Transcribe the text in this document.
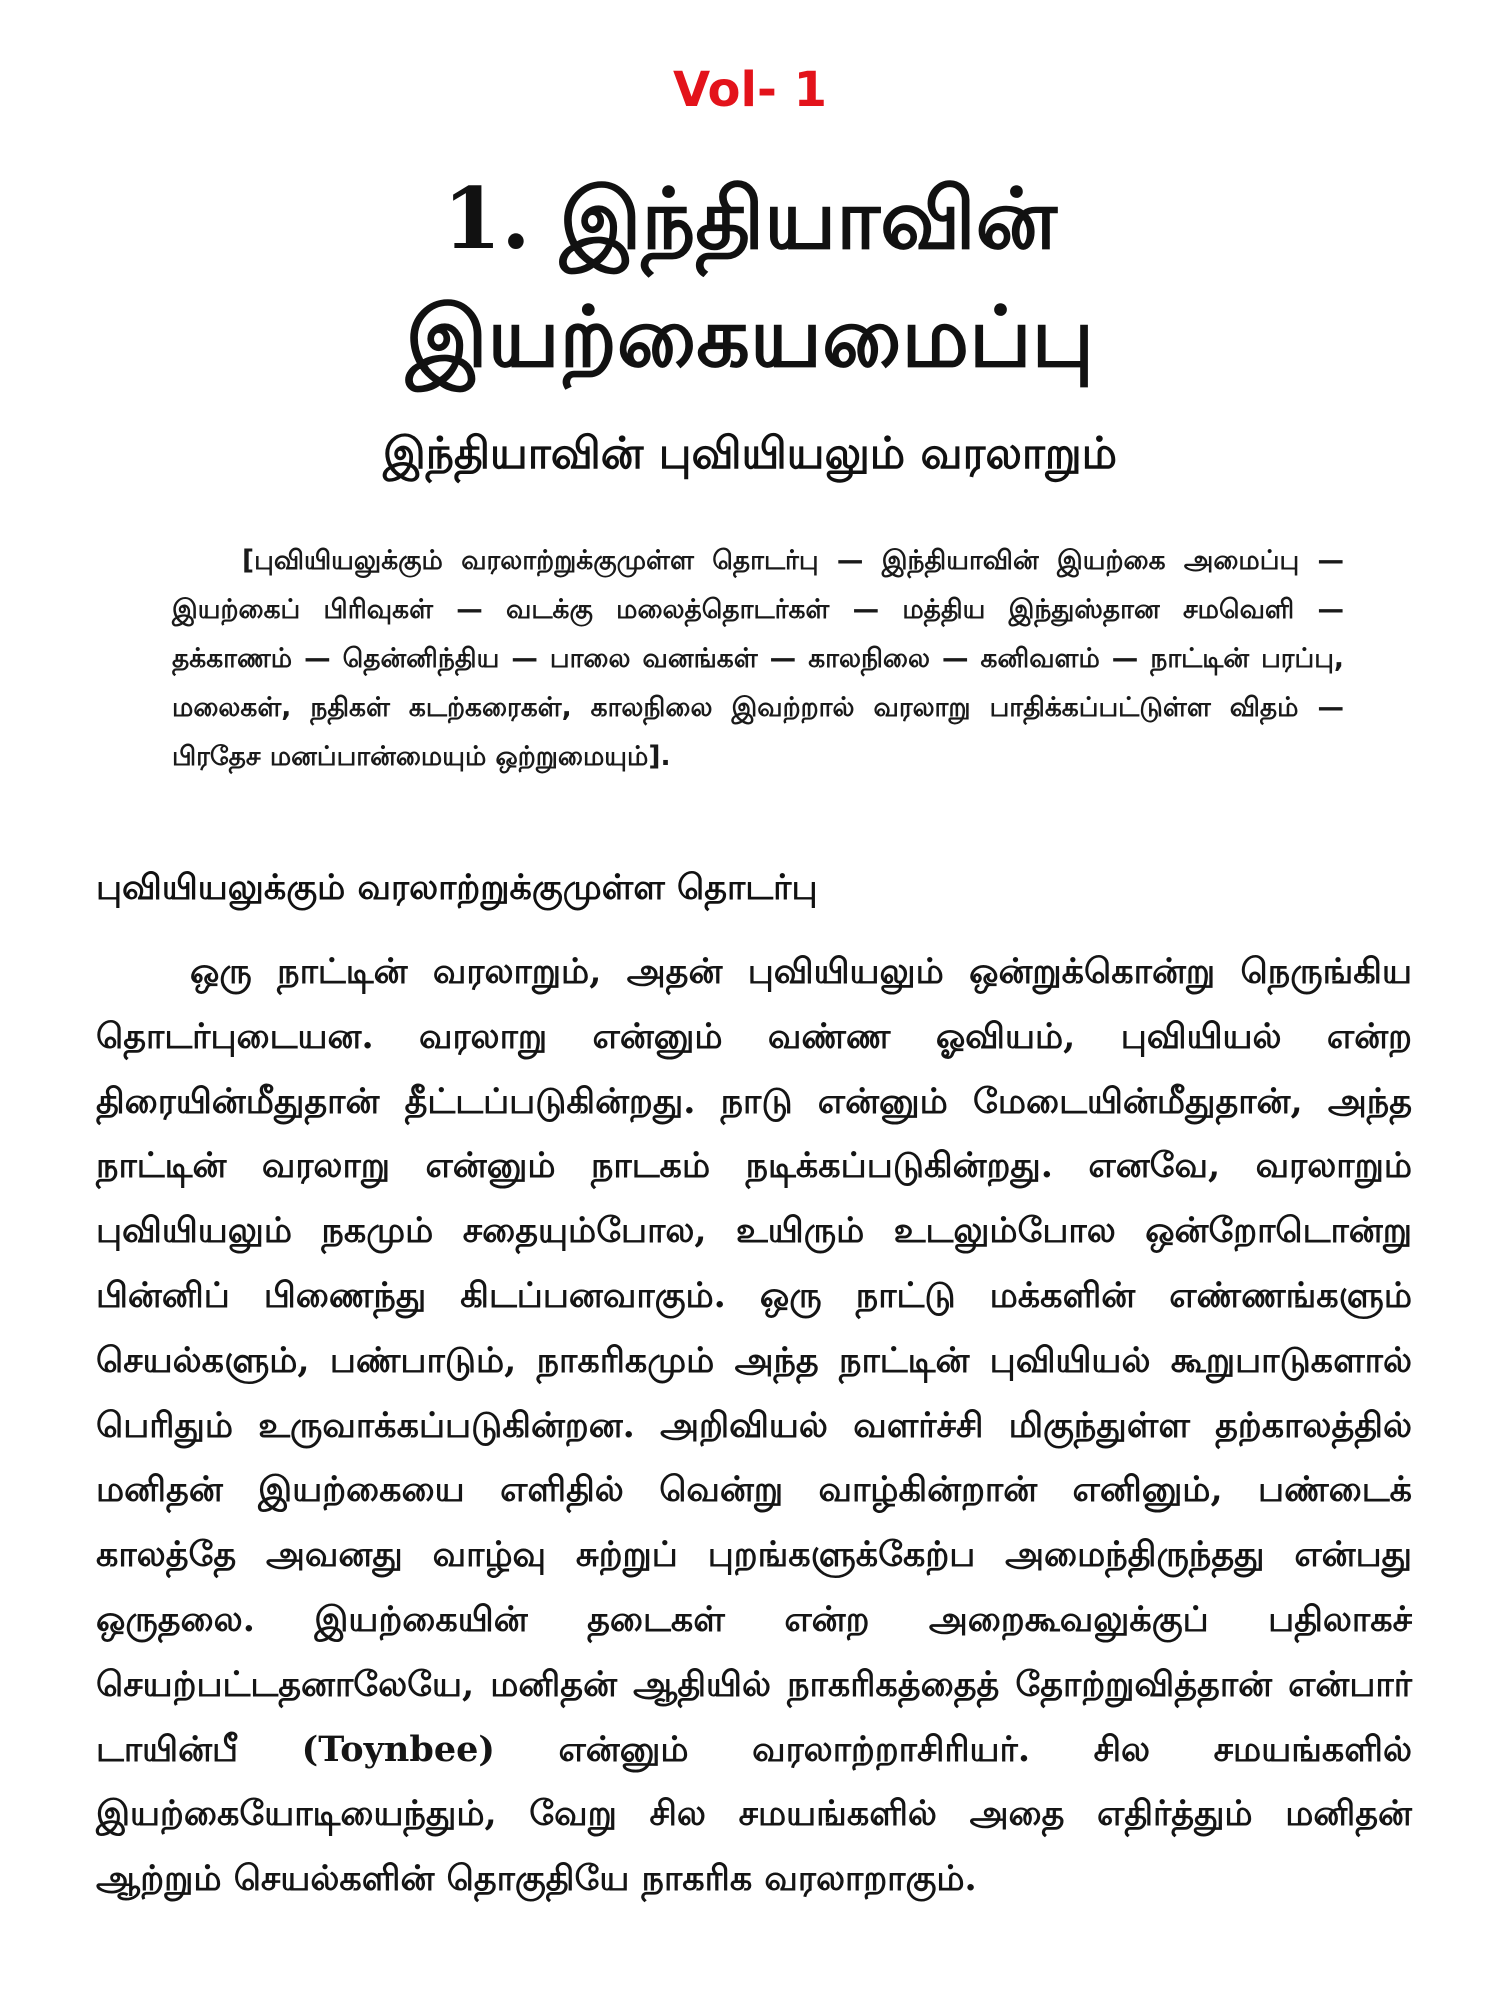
Vol- 1
1. இந்தியாவின்
இயற்கையமைப்பு
இந்தியாவின் புவியியலும் வரலாறும்

[புவியியலுக்கும் வரலாற்றுக்குமுள்ள தொடர்பு — இந்தியாவின் இயற்கை அமைப்பு — இயற்கைப் பிரிவுகள் — வடக்கு மலைத்தொடர்கள் — மத்திய இந்துஸ்தான சமவெளி — தக்காணம் — தென்னிந்திய — பாலை வனங்கள் — காலநிலை — கனிவளம் — நாட்டின் பரப்பு, மலைகள், நதிகள் கடற்கரைகள், காலநிலை இவற்றால் வரலாறு பாதிக்கப்பட்டுள்ள விதம் — பிரதேச மனப்பான்மையும் ஒற்றுமையும்].

புவியியலுக்கும் வரலாற்றுக்குமுள்ள தொடர்பு

ஒரு நாட்டின் வரலாறும், அதன் புவியியலும் ஒன்றுக்கொன்று நெருங்கிய தொடர்புடையன. வரலாறு என்னும் வண்ண ஓவியம், புவியியல் என்ற திரையின்மீதுதான் தீட்டப்படுகின்றது. நாடு என்னும் மேடையின்மீதுதான், அந்த நாட்டின் வரலாறு என்னும் நாடகம் நடிக்கப்படுகின்றது. எனவே, வரலாறும் புவியியலும் நகமும் சதையும்போல, உயிரும் உடலும்போல ஒன்றோடொன்று பின்னிப் பிணைந்து கிடப்பனவாகும். ஒரு நாட்டு மக்களின் எண்ணங்களும் செயல்களும், பண்பாடும், நாகரிகமும் அந்த நாட்டின் புவியியல் கூறுபாடுகளால் பெரிதும் உருவாக்கப்படுகின்றன. அறிவியல் வளர்ச்சி மிகுந்துள்ள தற்காலத்தில் மனிதன் இயற்கையை எளிதில் வென்று வாழ்கின்றான் எனினும், பண்டைக் காலத்தே அவனது வாழ்வு சுற்றுப் புறங்களுக்கேற்ப அமைந்திருந்தது என்பது ஒருதலை. இயற்கையின் தடைகள் என்ற அறைகூவலுக்குப் பதிலாகச் செயற்பட்டதனாலேயே, மனிதன் ஆதியில் நாகரிகத்தைத் தோற்றுவித்தான் என்பார் டாயின்பீ (Toynbee) என்னும் வரலாற்றாசிரியர். சில சமயங்களில் இயற்கையோடியைந்தும், வேறு சில சமயங்களில் அதை எதிர்த்தும் மனிதன் ஆற்றும் செயல்களின் தொகுதியே நாகரிக வரலாறாகும்.
